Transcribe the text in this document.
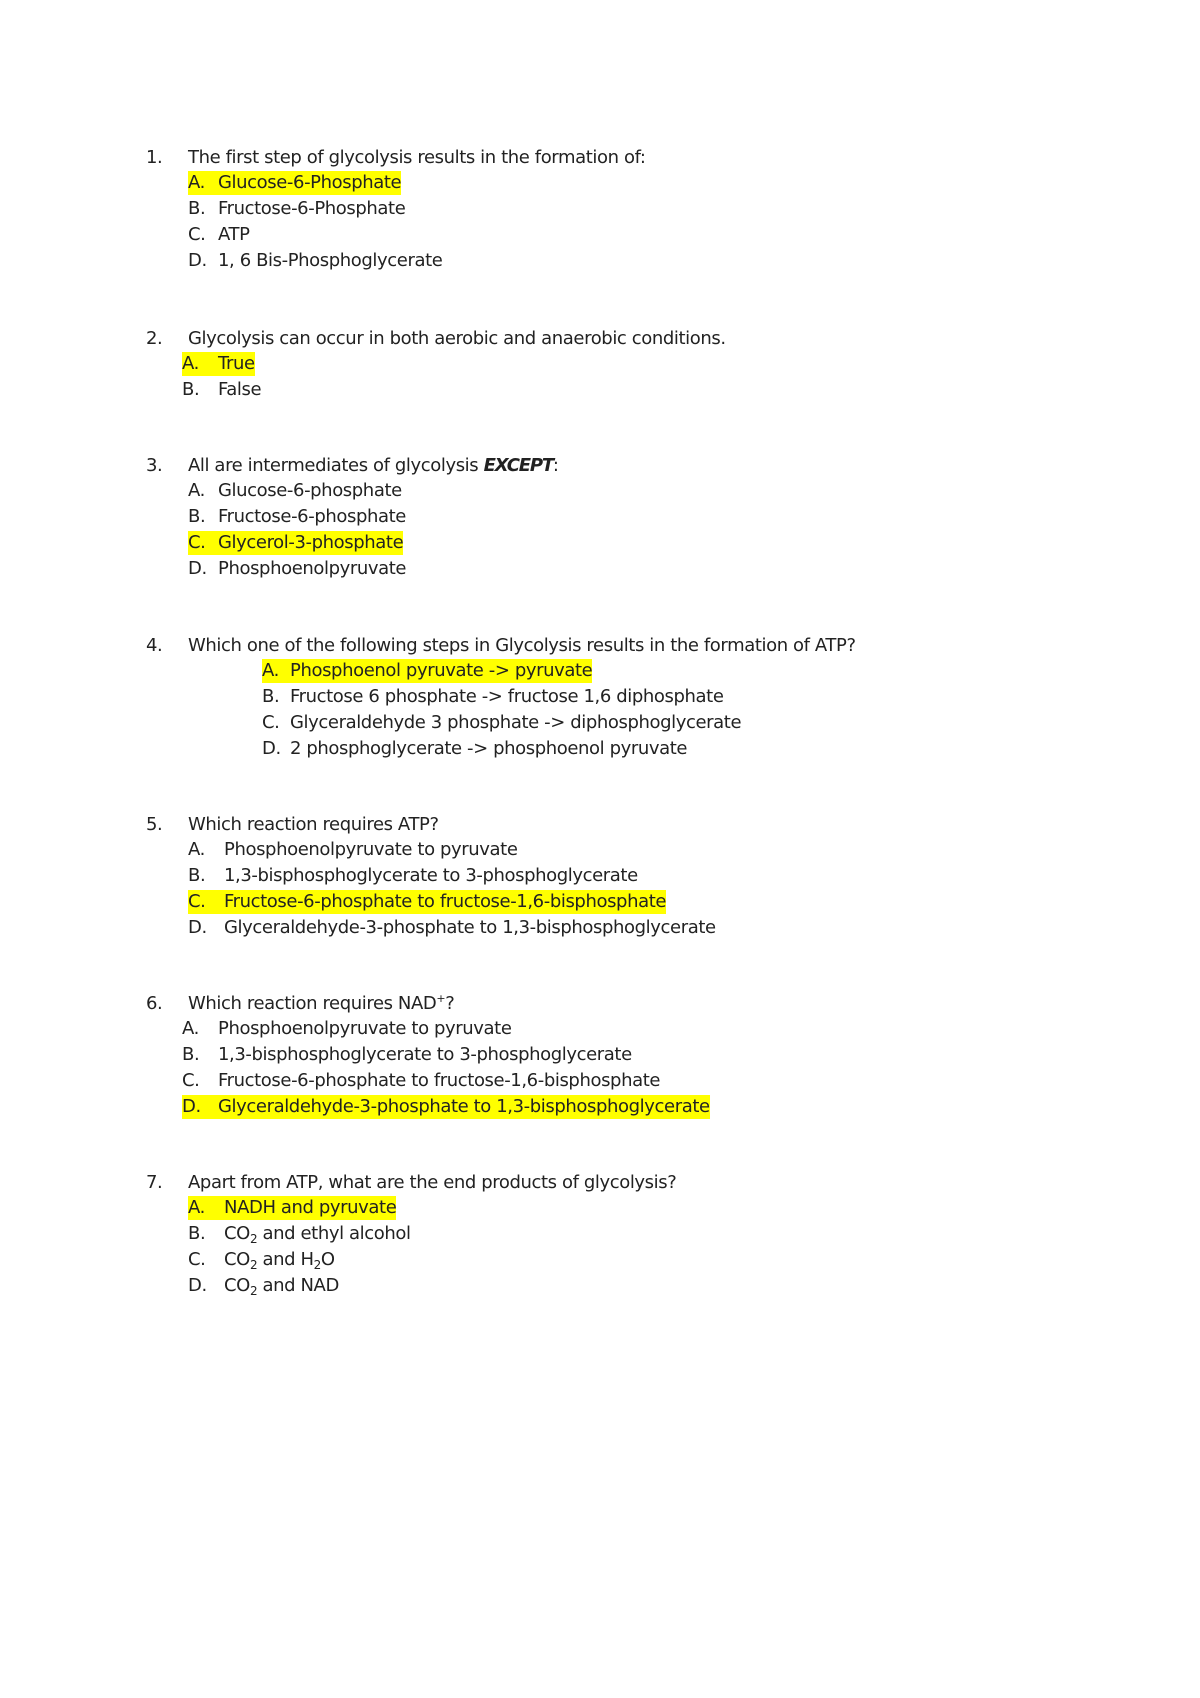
1. The first step of glycolysis results in the formation of:
A. Glucose-6-Phosphate
B. Fructose-6-Phosphate
C. ATP
D. 1, 6 Bis-Phosphoglycerate
2. Glycolysis can occur in both aerobic and anaerobic conditions.
A. True
B. False
3. All are intermediates of glycolysis EXCEPT:
A. Glucose-6-phosphate
B. Fructose-6-phosphate
C. Glycerol-3-phosphate
D. Phosphoenolpyruvate
4. Which one of the following steps in Glycolysis results in the formation of ATP?
A. Phosphoenol pyruvate -> pyruvate
B. Fructose 6 phosphate -> fructose 1,6 diphosphate
C. Glyceraldehyde 3 phosphate -> diphosphoglycerate
D. 2 phosphoglycerate -> phosphoenol pyruvate
5. Which reaction requires ATP?
A. Phosphoenolpyruvate to pyruvate
B. 1,3-bisphosphoglycerate to 3-phosphoglycerate
C. Fructose-6-phosphate to fructose-1,6-bisphosphate
D. Glyceraldehyde-3-phosphate to 1,3-bisphosphoglycerate
6. Which reaction requires NAD+?
A. Phosphoenolpyruvate to pyruvate
B. 1,3-bisphosphoglycerate to 3-phosphoglycerate
C. Fructose-6-phosphate to fructose-1,6-bisphosphate
D. Glyceraldehyde-3-phosphate to 1,3-bisphosphoglycerate
7. Apart from ATP, what are the end products of glycolysis?
A. NADH and pyruvate
B. $CO_2$ and ethyl alcohol
C. $CO_2$ and $H_2O$
D. $CO_2$ and NAD
